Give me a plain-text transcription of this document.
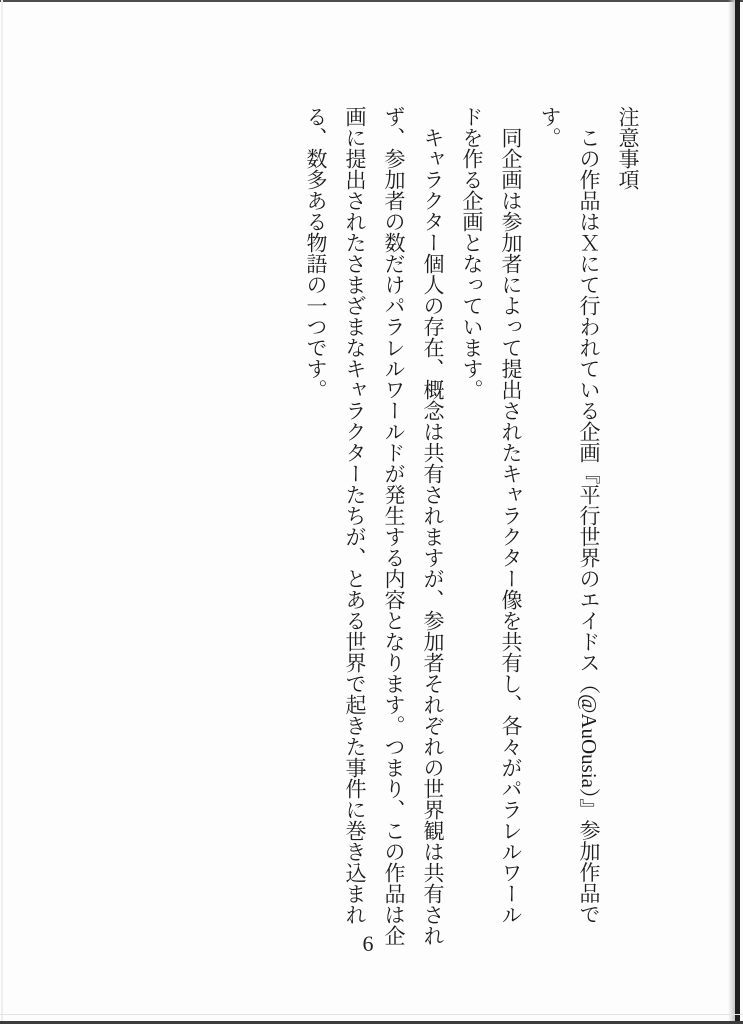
注意事項
この作品はＸにて行われている企画『平行世界のエイドス（@AuOusia）』参加作品で
す。
同企画は参加者によって提出されたキャラクター像を共有し、各々がパラレルワール
ドを作る企画となっています。
キャラクター個人の存在、概念は共有されますが、参加者それぞれの世界観は共有され
ず、参加者の数だけパラレルワールドが発生する内容となります。つまり、この作品は企
画に提出されたさまざまなキャラクターたちが、とある世界で起きた事件に巻き込まれ
る、数多ある物語の一つです。
6
